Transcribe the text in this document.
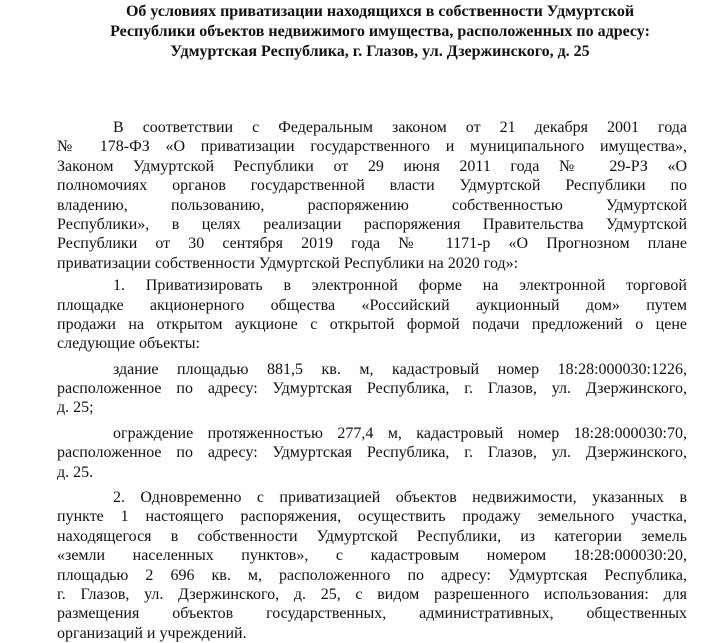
Об условиях приватизации находящихся в собственности Удмуртской
Республики объектов недвижимого имущества, расположенных по адресу:
Удмуртская Республика, г. Глазов, ул. Дзержинского, д. 25
В соответствии с Федеральным законом от 21 декабря 2001 года
№ 178-ФЗ «О приватизации государственного и муниципального имущества»,
Законом Удмуртской Республики от 29 июня 2011 года № 29-РЗ «О
полномочиях органов государственной власти Удмуртской Республики по
владению, пользованию, распоряжению собственностью Удмуртской
Республики», в целях реализации распоряжения Правительства Удмуртской
Республики от 30 сентября 2019 года № 1171-р «О Прогнозном плане
приватизации собственности Удмуртской Республики на 2020 год»:
1. Приватизировать в электронной форме на электронной торговой
площадке акционерного общества «Российский аукционный дом» путем
продажи на открытом аукционе с открытой формой подачи предложений о цене
следующие объекты:
здание площадью 881,5 кв. м, кадастровый номер 18:28:000030:1226,
расположенное по адресу: Удмуртская Республика, г. Глазов, ул. Дзержинского,
д. 25;
ограждение протяженностью 277,4 м, кадастровый номер 18:28:000030:70,
расположенное по адресу: Удмуртская Республика, г. Глазов, ул. Дзержинского,
д. 25.
2. Одновременно с приватизацией объектов недвижимости, указанных в
пункте 1 настоящего распоряжения, осуществить продажу земельного участка,
находящегося в собственности Удмуртской Республики, из категории земель
«земли населенных пунктов», с кадастровым номером 18:28:000030:20,
площадью 2 696 кв. м, расположенного по адресу: Удмуртская Республика,
г. Глазов, ул. Дзержинского, д. 25, с видом разрешенного использования: для
размещения объектов государственных, административных, общественных
организаций и учреждений.
